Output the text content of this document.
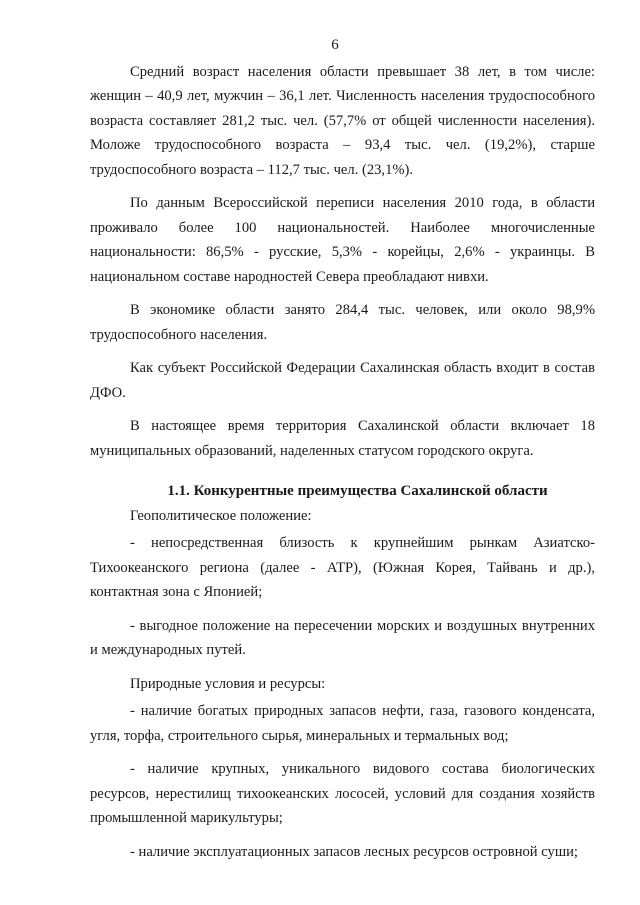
6

Средний возраст населения области превышает 38 лет, в том числе: женщин – 40,9 лет, мужчин – 36,1 лет. Численность населения трудоспособного возраста составляет 281,2 тыс. чел. (57,7% от общей численности населения). Моложе трудоспособного возраста – 93,4 тыс. чел. (19,2%), старше трудоспособного возраста – 112,7 тыс. чел. (23,1%).

По данным Всероссийской переписи населения 2010 года, в области проживало более 100 национальностей. Наиболее многочисленные национальности: 86,5% - русские, 5,3% - корейцы, 2,6% - украинцы. В национальном составе народностей Севера преобладают нивхи.

В экономике области занято 284,4 тыс. человек, или около 98,9% трудоспособного населения.

Как субъект Российской Федерации Сахалинская область входит в состав ДФО.

В настоящее время территория Сахалинской области включает 18 муниципальных образований, наделенных статусом городского округа.

1.1. Конкурентные преимущества Сахалинской области

Геополитическое положение:

- непосредственная близость к крупнейшим рынкам Азиатско-Тихоокеанского региона (далее - АТР), (Южная Корея, Тайвань и др.), контактная зона с Японией;

- выгодное положение на пересечении морских и воздушных внутренних и международных путей.

Природные условия и ресурсы:

- наличие богатых природных запасов нефти, газа, газового конденсата, угля, торфа, строительного сырья, минеральных и термальных вод;

- наличие крупных, уникального видового состава биологических ресурсов, нерестилищ тихоокеанских лососей, условий для создания хозяйств промышленной марикультуры;

- наличие эксплуатационных запасов лесных ресурсов островной суши;
